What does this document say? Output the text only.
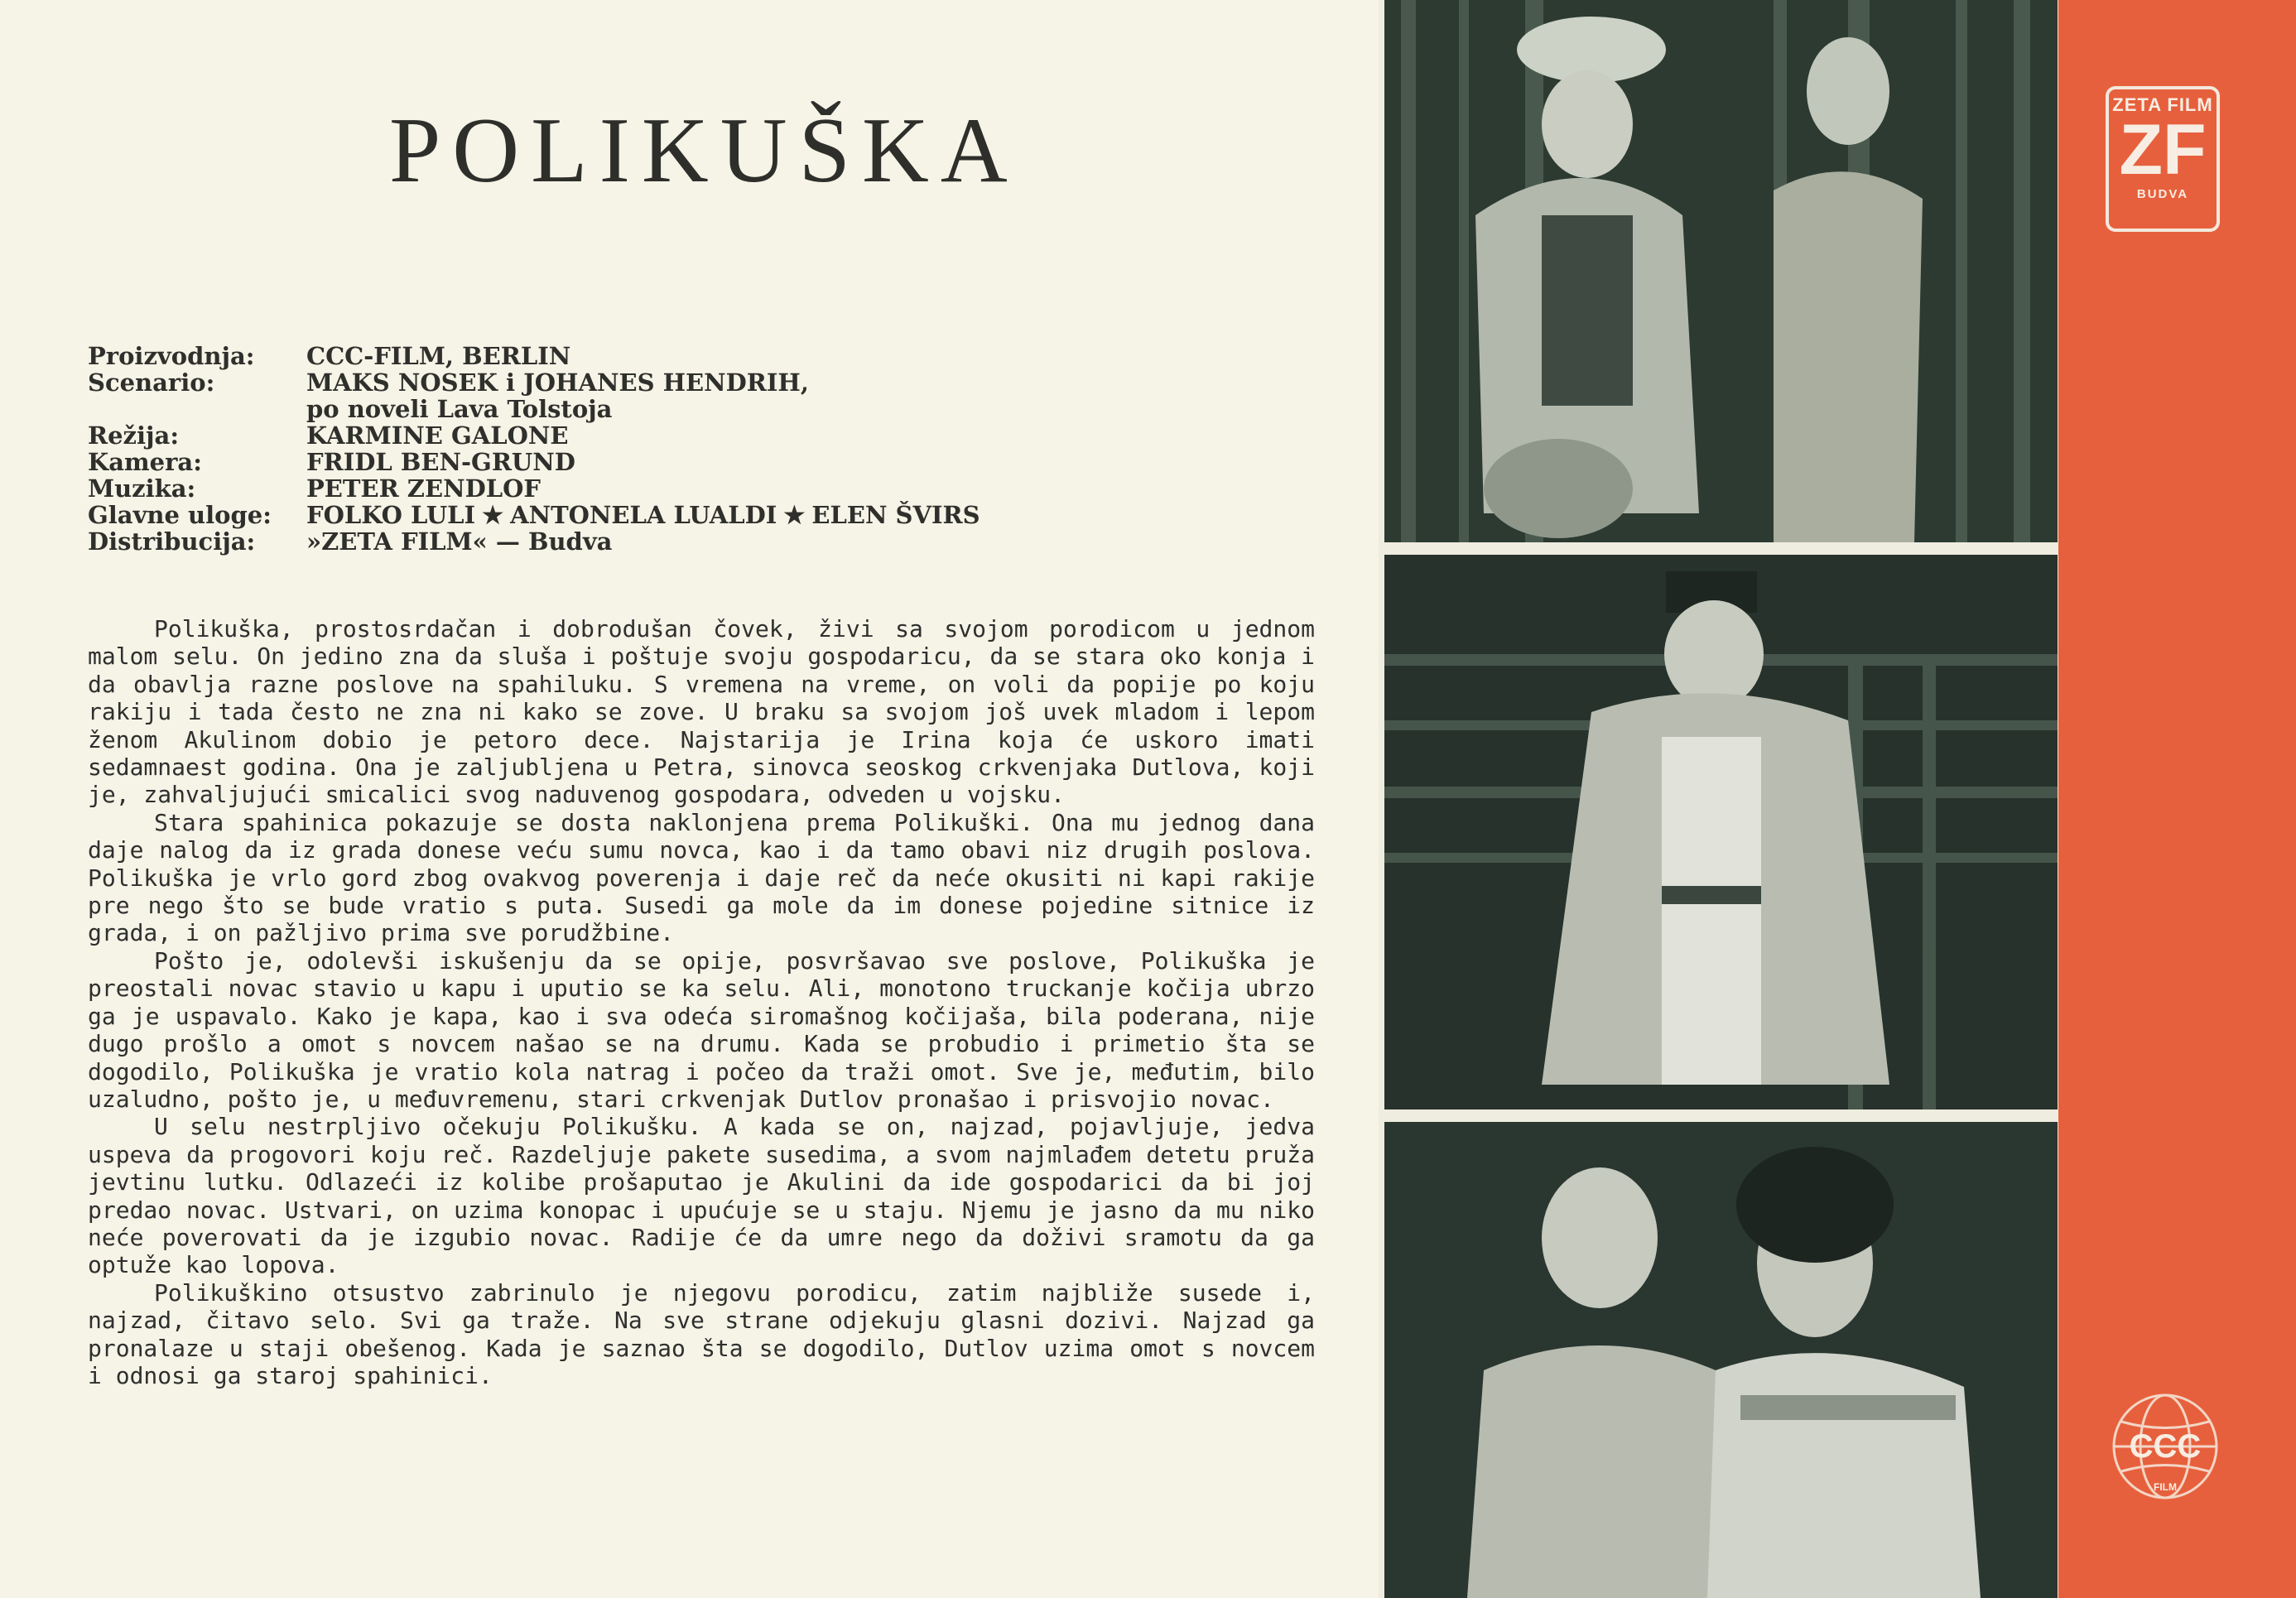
POLIKUŠKA
Proizvodnja:	CCC-FILM, BERLIN
Scenario:	MAKS NOSEK i JOHANES HENDRIH,
po noveli Lava Tolstoja
Režija:	KARMINE GALONE
Kamera:	FRIDL BEN-GRUND
Muzika:	PETER ZENDLOF
Glavne uloge:	FOLKO LULI ★ ANTONELA LUALDI ★ ELEN ŠVIRS
Distribucija:	»ZETA FILM« — Budva

Polikuška, prostosrdačan i dobrodušan čovek, živi sa svojom porodicom u jednom malom selu. On jedino zna da sluša i poštuje svoju gospodaricu, da se stara oko konja i da obavlja razne poslove na spahiluku. S vremena na vreme, on voli da popije po koju rakiju i tada često ne zna ni kako se zove. U braku sa svojom još uvek mladom i lepom ženom Akulinom dobio je petoro dece. Najstarija je Irina koja će uskoro imati sedamnaest godina. Ona je zaljubljena u Petra, sinovca seoskog crkvenjaka Dutlova, koji je, zahvaljujući smicalici svog naduvenog gospodara, odveden u vojsku.

Stara spahinica pokazuje se dosta naklonjena prema Polikuški. Ona mu jednog dana daje nalog da iz grada donese veću sumu novca, kao i da tamo obavi niz drugih poslova. Polikuška je vrlo gord zbog ovakvog poverenja i daje reč da neće okusiti ni kapi rakije pre nego što se bude vratio s puta. Susedi ga mole da im donese pojedine sitnice iz grada, i on pažljivo prima sve porudžbine.

Pošto je, odolevši iskušenju da se opije, posvršavao sve poslove, Polikuška je preostali novac stavio u kapu i uputio se ka selu. Ali, monotono truckanje kočija ubrzo ga je uspavalo. Kako je kapa, kao i sva odeća siromašnog kočijaša, bila poderana, nije dugo prošlo a omot s novcem našao se na drumu. Kada se probudio i primetio šta se dogodilo, Polikuška je vratio kola natrag i počeo da traži omot. Sve je, međutim, bilo uzaludno, pošto je, u međuvremenu, stari crkvenjak Dutlov pronašao i prisvojio novac.

U selu nestrpljivo očekuju Polikušku. A kada se on, najzad, pojavljuje, jedva uspeva da progovori koju reč. Razdeljuje pakete susedima, a svom najmlađem detetu pruža jevtinu lutku. Odlazeći iz kolibe prošaputao je Akulini da ide gospodarici da bi joj predao novac. Ustvari, on uzima konopac i upućuje se u staju. Njemu je jasno da mu niko neće poverovati da je izgubio novac. Radije će da umre nego da doživi sramotu da ga optuže kao lopova.

Polikuškino otsustvo zabrinulo je njegovu porodicu, zatim najbliže susede i, najzad, čitavo selo. Svi ga traže. Na sve strane odjekuju glasni dozivi. Najzad ga pronalaze u staji obešenog. Kada je saznao šta se dogodilo, Dutlov uzima omot s novcem i odnosi ga staroj spahinici.

ZETA FILM
ZF
BUDVA
CCC
FILM
